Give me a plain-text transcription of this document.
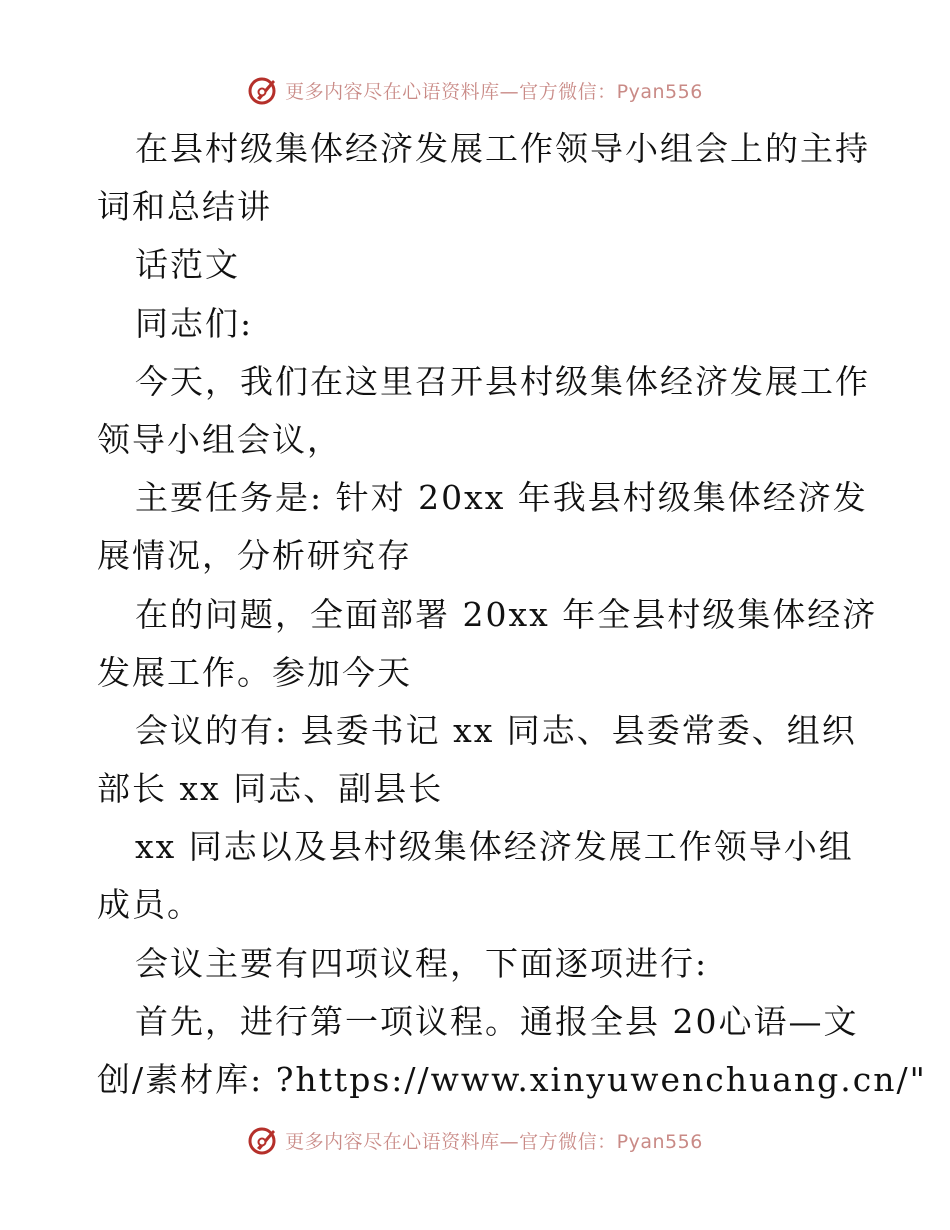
更多内容尽在心语资料库—官方微信：Pyan556
在县村级集体经济发展工作领导小组会上的主持
词和总结讲
话范文
同志们:
今天，我们在这里召开县村级集体经济发展工作
领导小组会议，
主要任务是: 针对 20xx 年我县村级集体经济发
展情况，分析研究存
在的问题，全面部署 20xx 年全县村级集体经济
发展工作。参加今天
会议的有: 县委书记 xx 同志、县委常委、组织
部长 xx 同志、副县长
xx 同志以及县村级集体经济发展工作领导小组
成员。
会议主要有四项议程，下面逐项进行:
首先，进行第一项议程。通报全县 20心语—文
创/素材库: ?https://www.xinyuwenchuang.cn/"
更多内容尽在心语资料库—官方微信：Pyan556
